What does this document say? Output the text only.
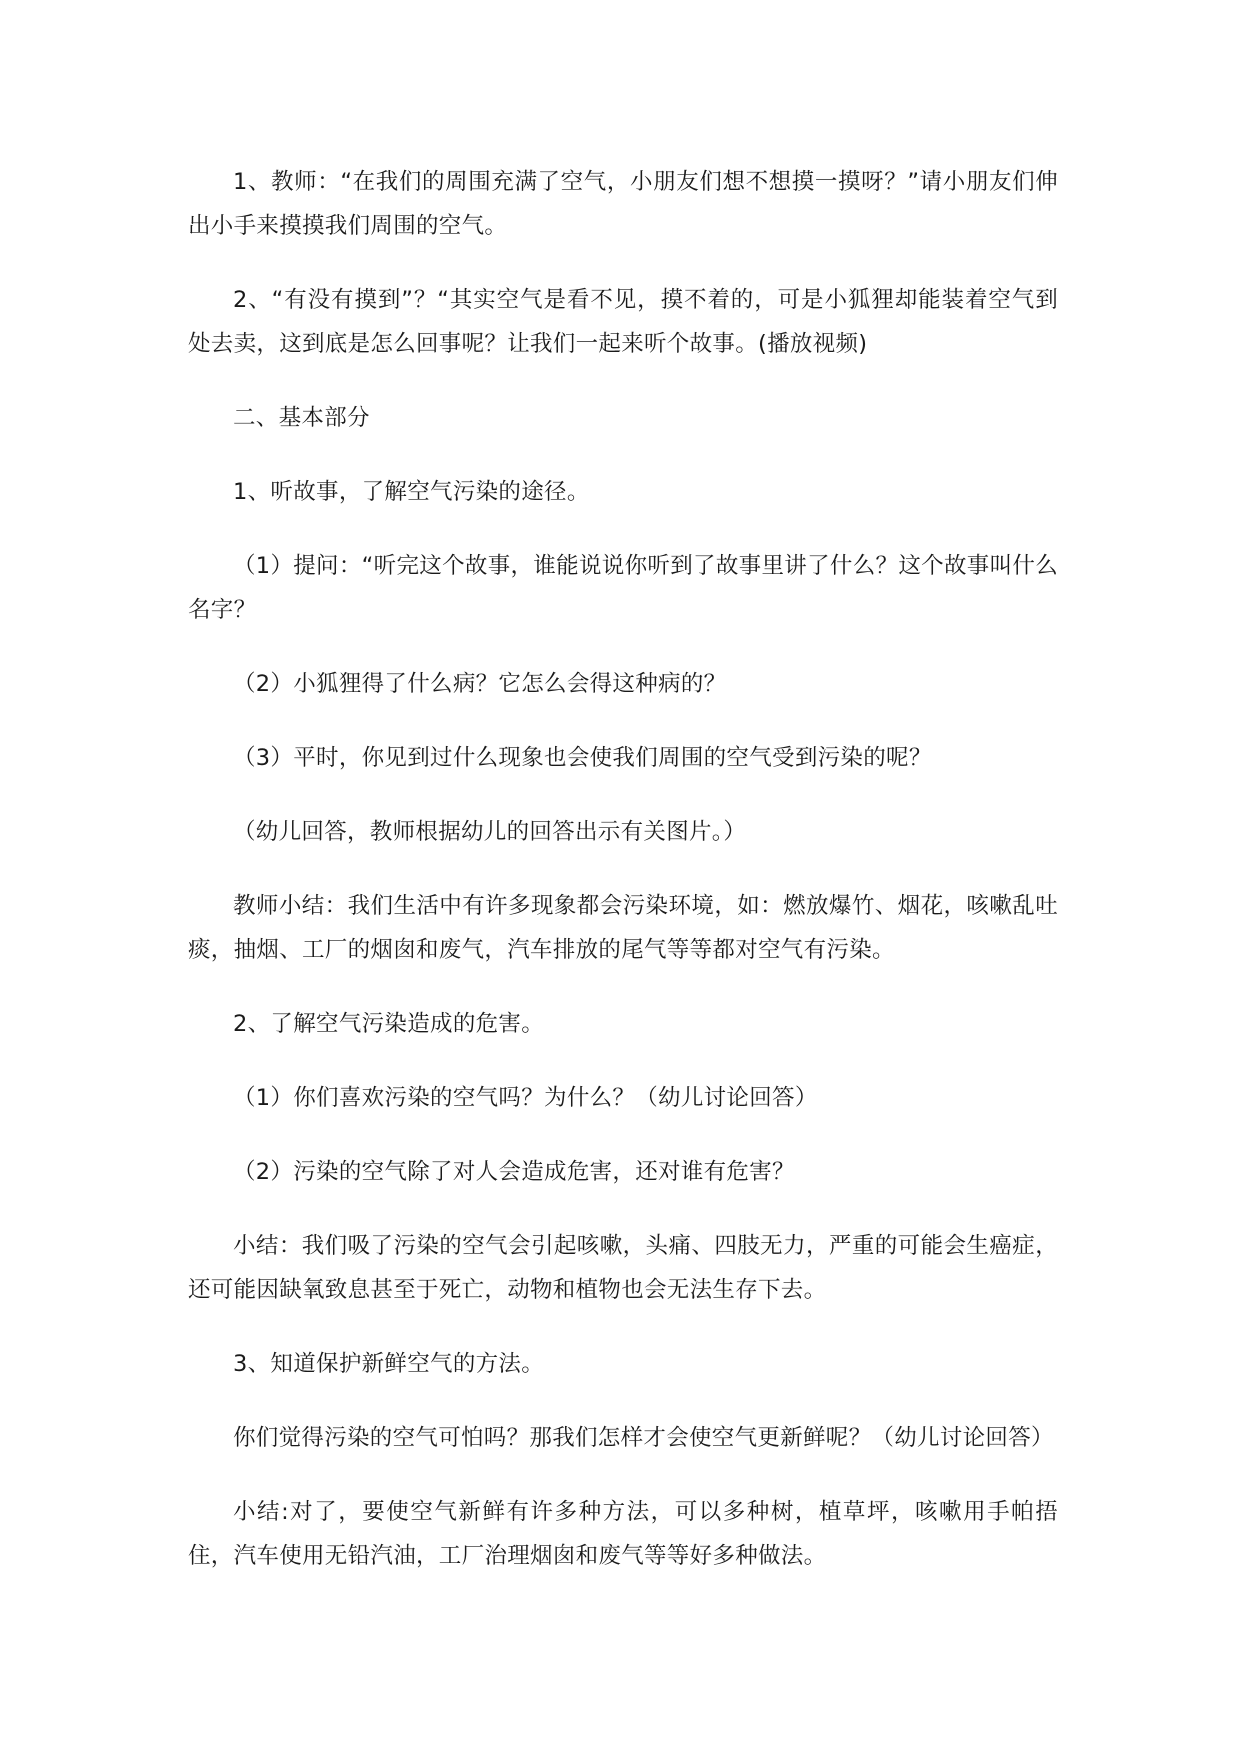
1、教师：“在我们的周围充满了空气，小朋友们想不想摸一摸呀？”请小朋友们伸出小手来摸摸我们周围的空气。

2、“有没有摸到”？“其实空气是看不见，摸不着的，可是小狐狸却能装着空气到处去卖，这到底是怎么回事呢？让我们一起来听个故事。(播放视频)

二、基本部分

1、听故事，了解空气污染的途径。

（1）提问：“听完这个故事，谁能说说你听到了故事里讲了什么？这个故事叫什么名字？

（2）小狐狸得了什么病？它怎么会得这种病的？

（3）平时，你见到过什么现象也会使我们周围的空气受到污染的呢？

（幼儿回答，教师根据幼儿的回答出示有关图片。）

教师小结：我们生活中有许多现象都会污染环境，如：燃放爆竹、烟花，咳嗽乱吐痰，抽烟、工厂的烟囱和废气，汽车排放的尾气等等都对空气有污染。

2、了解空气污染造成的危害。

（1）你们喜欢污染的空气吗？为什么？（幼儿讨论回答）

（2）污染的空气除了对人会造成危害，还对谁有危害？

小结：我们吸了污染的空气会引起咳嗽，头痛、四肢无力，严重的可能会生癌症，还可能因缺氧致息甚至于死亡，动物和植物也会无法生存下去。

3、知道保护新鲜空气的方法。

你们觉得污染的空气可怕吗？那我们怎样才会使空气更新鲜呢？（幼儿讨论回答）

小结:对了，要使空气新鲜有许多种方法，可以多种树，植草坪，咳嗽用手帕捂住，汽车使用无铅汽油，工厂治理烟囱和废气等等好多种做法。
